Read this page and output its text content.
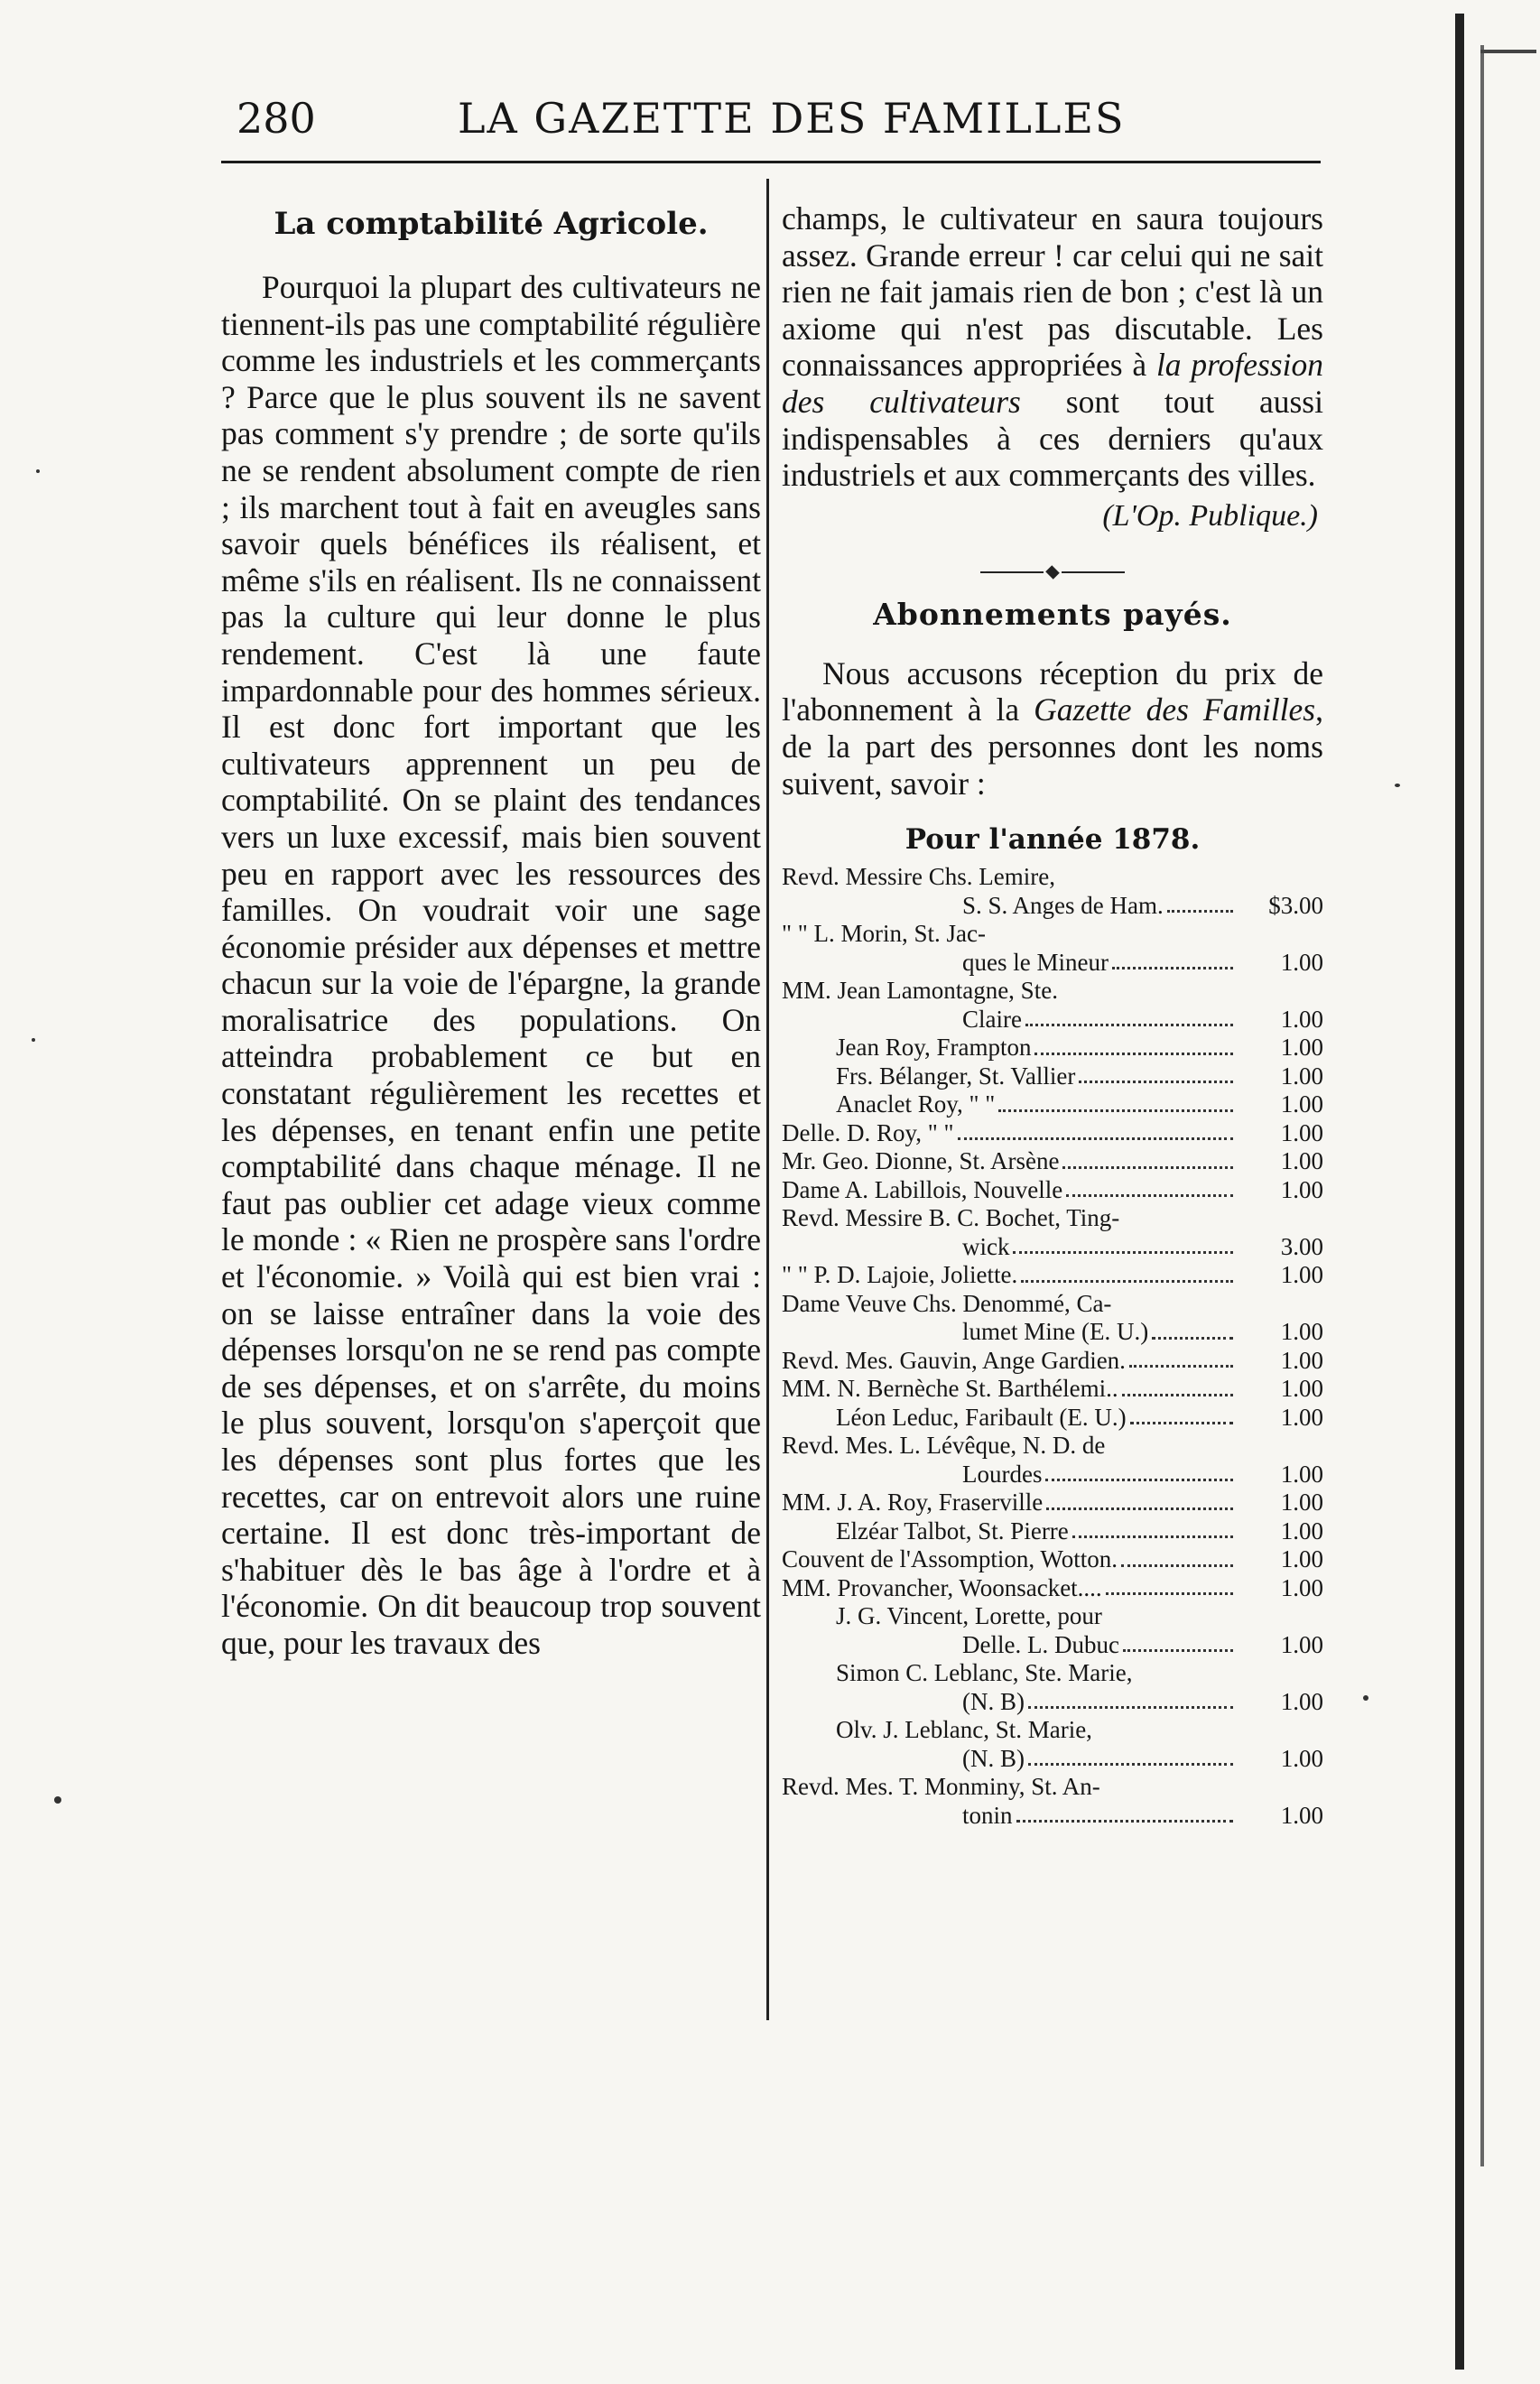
280	LA GAZETTE DES FAMILLES
La comptabilité Agricole.

Pourquoi la plupart des cultivateurs ne tiennent-ils pas une comptabilité régulière comme les industriels et les commerçants ? Parce que le plus souvent ils ne savent pas comment s'y prendre ; de sorte qu'ils ne se rendent absolument compte de rien ; ils marchent tout à fait en aveugles sans savoir quels bénéfices ils réalisent, et même s'ils en réalisent. Ils ne connaissent pas la culture qui leur donne le plus rendement. C'est là une faute impardonnable pour des hommes sérieux. Il est donc fort important que les cultivateurs apprennent un peu de comptabilité. On se plaint des tendances vers un luxe excessif, mais bien souvent peu en rapport avec les ressources des familles. On voudrait voir une sage économie présider aux dépenses et mettre chacun sur la voie de l'épargne, la grande moralisatrice des populations. On atteindra probablement ce but en constatant régulièrement les recettes et les dépenses, en tenant enfin une petite comptabilité dans chaque ménage. Il ne faut pas oublier cet adage vieux comme le monde : « Rien ne prospère sans l'ordre et l'économie. » Voilà qui est bien vrai : on se laisse entraîner dans la voie des dépenses lorsqu'on ne se rend pas compte de ses dépenses, et on s'arrête, du moins le plus souvent, lorsqu'on s'aperçoit que les dépenses sont plus fortes que les recettes, car on entrevoit alors une ruine certaine. Il est donc très-important de s'habituer dès le bas âge à l'ordre et à l'économie. On dit beaucoup trop souvent que, pour les travaux des

champs, le cultivateur en saura toujours assez. Grande erreur ! car celui qui ne sait rien ne fait jamais rien de bon ; c'est là un axiome qui n'est pas discutable. Les connaissances appropriées à la profession des cultivateurs sont tout aussi indispensables à ces derniers qu'aux industriels et aux commerçants des villes.

(L'Op. Publique.)
Abonnements payés.

Nous accusons réception du prix de l'abonnement à la Gazette des Familles, de la part des personnes dont les noms suivent, savoir :

Pour l'année 1878.
Revd. Messire Chs. Lemire,
S. S. Anges de Ham.	$3.00
" " L. Morin, St. Jac-
ques le Mineur	1.00
MM. Jean Lamontagne, Ste.
Claire	1.00
Jean Roy, Frampton	1.00
Frs. Bélanger, St. Vallier	1.00
Anaclet Roy, " "	1.00
Delle. D. Roy, " "	1.00
Mr. Geo. Dionne, St. Arsène	1.00
Dame A. Labillois, Nouvelle	1.00
Revd. Messire B. C. Bochet, Ting-
wick	3.00
" " P. D. Lajoie, Joliette.	1.00
Dame Veuve Chs. Denommé, Ca-
lumet Mine (E. U.)	1.00
Revd. Mes. Gauvin, Ange Gardien.	1.00
MM. N. Bernèche St. Barthélemi..	1.00
Léon Leduc, Faribault (E. U.)	1.00
Revd. Mes. L. Lévêque, N. D. de
Lourdes	1.00
MM. J. A. Roy, Fraserville	1.00
Elzéar Talbot, St. Pierre	1.00
Couvent de l'Assomption, Wotton.	1.00
MM. Provancher, Woonsacket....	1.00
J. G. Vincent, Lorette, pour
Delle. L. Dubuc	1.00
Simon C. Leblanc, Ste. Marie,
(N. B)	1.00
Olv. J. Leblanc, St. Marie,
(N. B)	1.00
Revd. Mes. T. Monminy, St. An-
tonin	1.00
